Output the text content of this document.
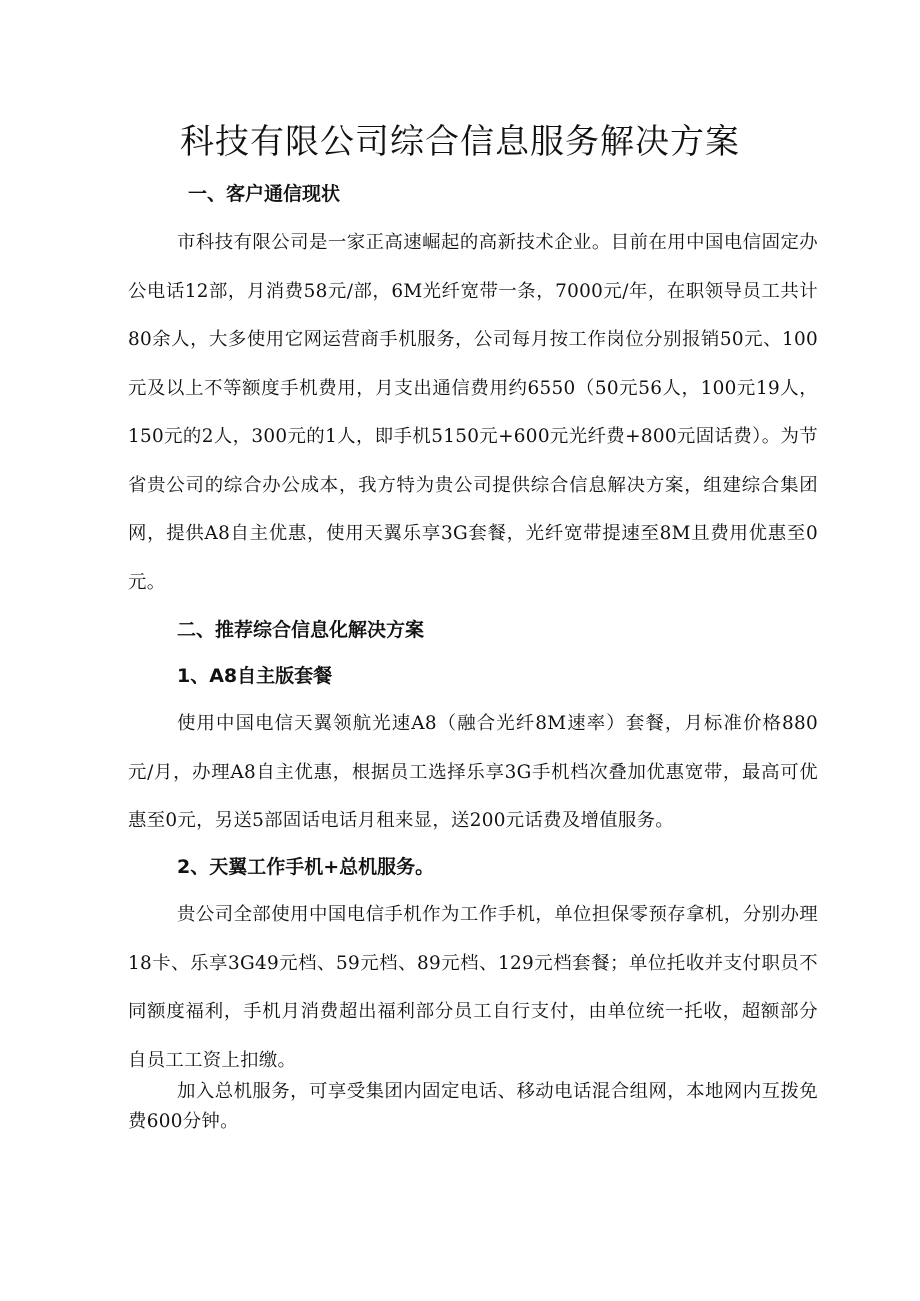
科技有限公司综合信息服务解决方案
一、客户通信现状

市科技有限公司是一家正高速崛起的高新技术企业。目前在用中国电信固定办公电话12部，月消费58元/部，6M光纤宽带一条，7000元/年，在职领导员工共计80余人，大多使用它网运营商手机服务，公司每月按工作岗位分别报销50元、100元及以上不等额度手机费用，月支出通信费用约6550（50元56人，100元19人，150元的2人，300元的1人，即手机5150元+600元光纤费+800元固话费）。为节省贵公司的综合办公成本，我方特为贵公司提供综合信息解决方案，组建综合集团网，提供A8自主优惠，使用天翼乐享3G套餐，光纤宽带提速至8M且费用优惠至0元。

二、推荐综合信息化解决方案
1、A8自主版套餐

使用中国电信天翼领航光速A8（融合光纤8M速率）套餐，月标准价格880元/月，办理A8自主优惠，根据员工选择乐享3G手机档次叠加优惠宽带，最高可优惠至0元，另送5部固话电话月租来显，送200元话费及增值服务。

2、天翼工作手机+总机服务。

贵公司全部使用中国电信手机作为工作手机，单位担保零预存拿机，分别办理18卡、乐享3G49元档、59元档、89元档、129元档套餐；单位托收并支付职员不同额度福利，手机月消费超出福利部分员工自行支付，由单位统一托收，超额部分自员工工资上扣缴。

加入总机服务，可享受集团内固定电话、移动电话混合组网，本地网内互拨免费600分钟。
